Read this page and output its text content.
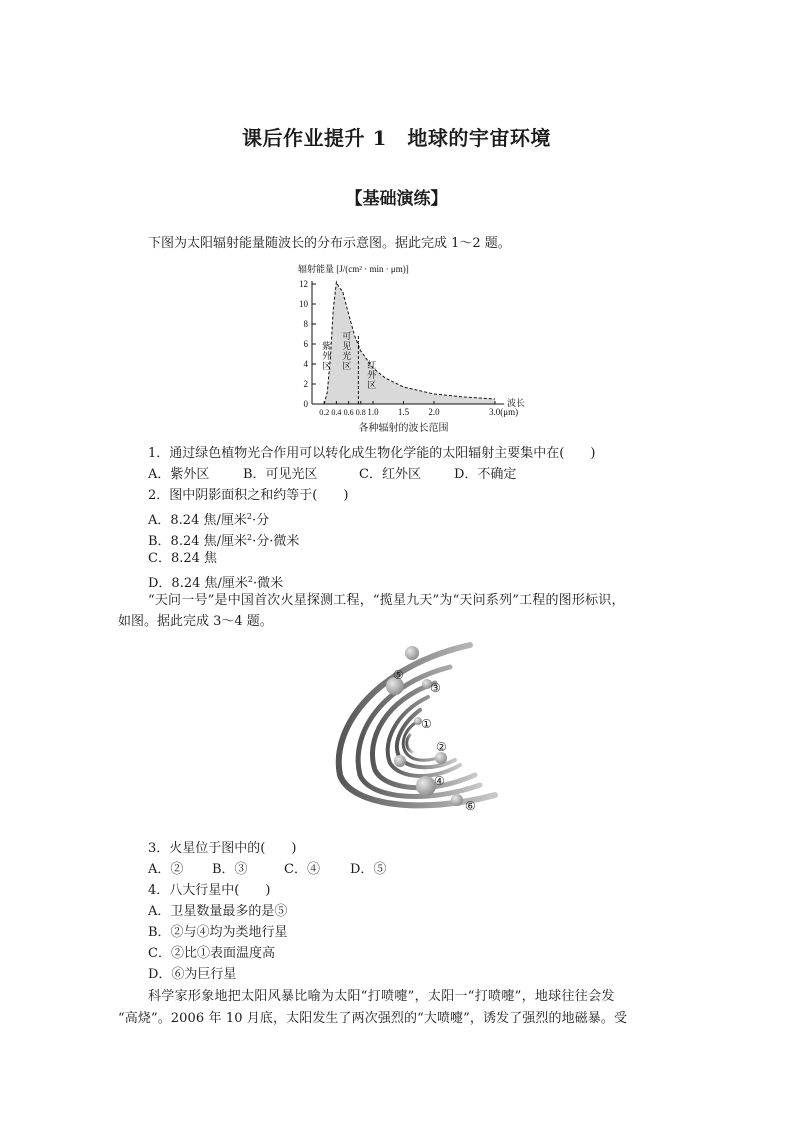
课后作业提升 1　地球的宇宙环境
【基础演练】
下图为太阳辐射能量随波长的分布示意图。据此完成 1～2 题。
0
2
4
6
8
10
12
0.2 0.4 0.6 0.8 1.0 1.5 2.0	3.0(μm)
辐射能量 [J/(cm² · min · μm)]
波长
各种辐射的波长范围
紫外区
可见光区 红外区
1．通过绿色植物光合作用可以转化成生物化学能的太阳辐射主要集中在(　　)
A．紫外区	B．可见光区	C．红外区	D．不确定
2．图中阴影面积之和约等于(　　)
A．8.24 焦/厘米$^2$·分
B．8.24 焦/厘米$^2$·分·微米
C．8.24 焦
D．8.24 焦/厘米$^2$·微米
“天问一号”是中国首次火星探测工程，“揽星九天”为“天问系列”工程的图形标识，
如图。据此完成 3～4 题。
①
②
③
④
⑤
⑥
3．火星位于图中的(　　)
A．② B．③	C．④ D．⑤
4．八大行星中(　　)
A．卫星数量最多的是⑤
B．②与④均为类地行星
C．②比①表面温度高
D．⑥为巨行星
科学家形象地把太阳风暴比喻为太阳“打喷嚏”，太阳一“打喷嚏”，地球往往会发
“高烧”。2006 年 10 月底，太阳发生了两次强烈的“大喷嚏”，诱发了强烈的地磁暴。受
